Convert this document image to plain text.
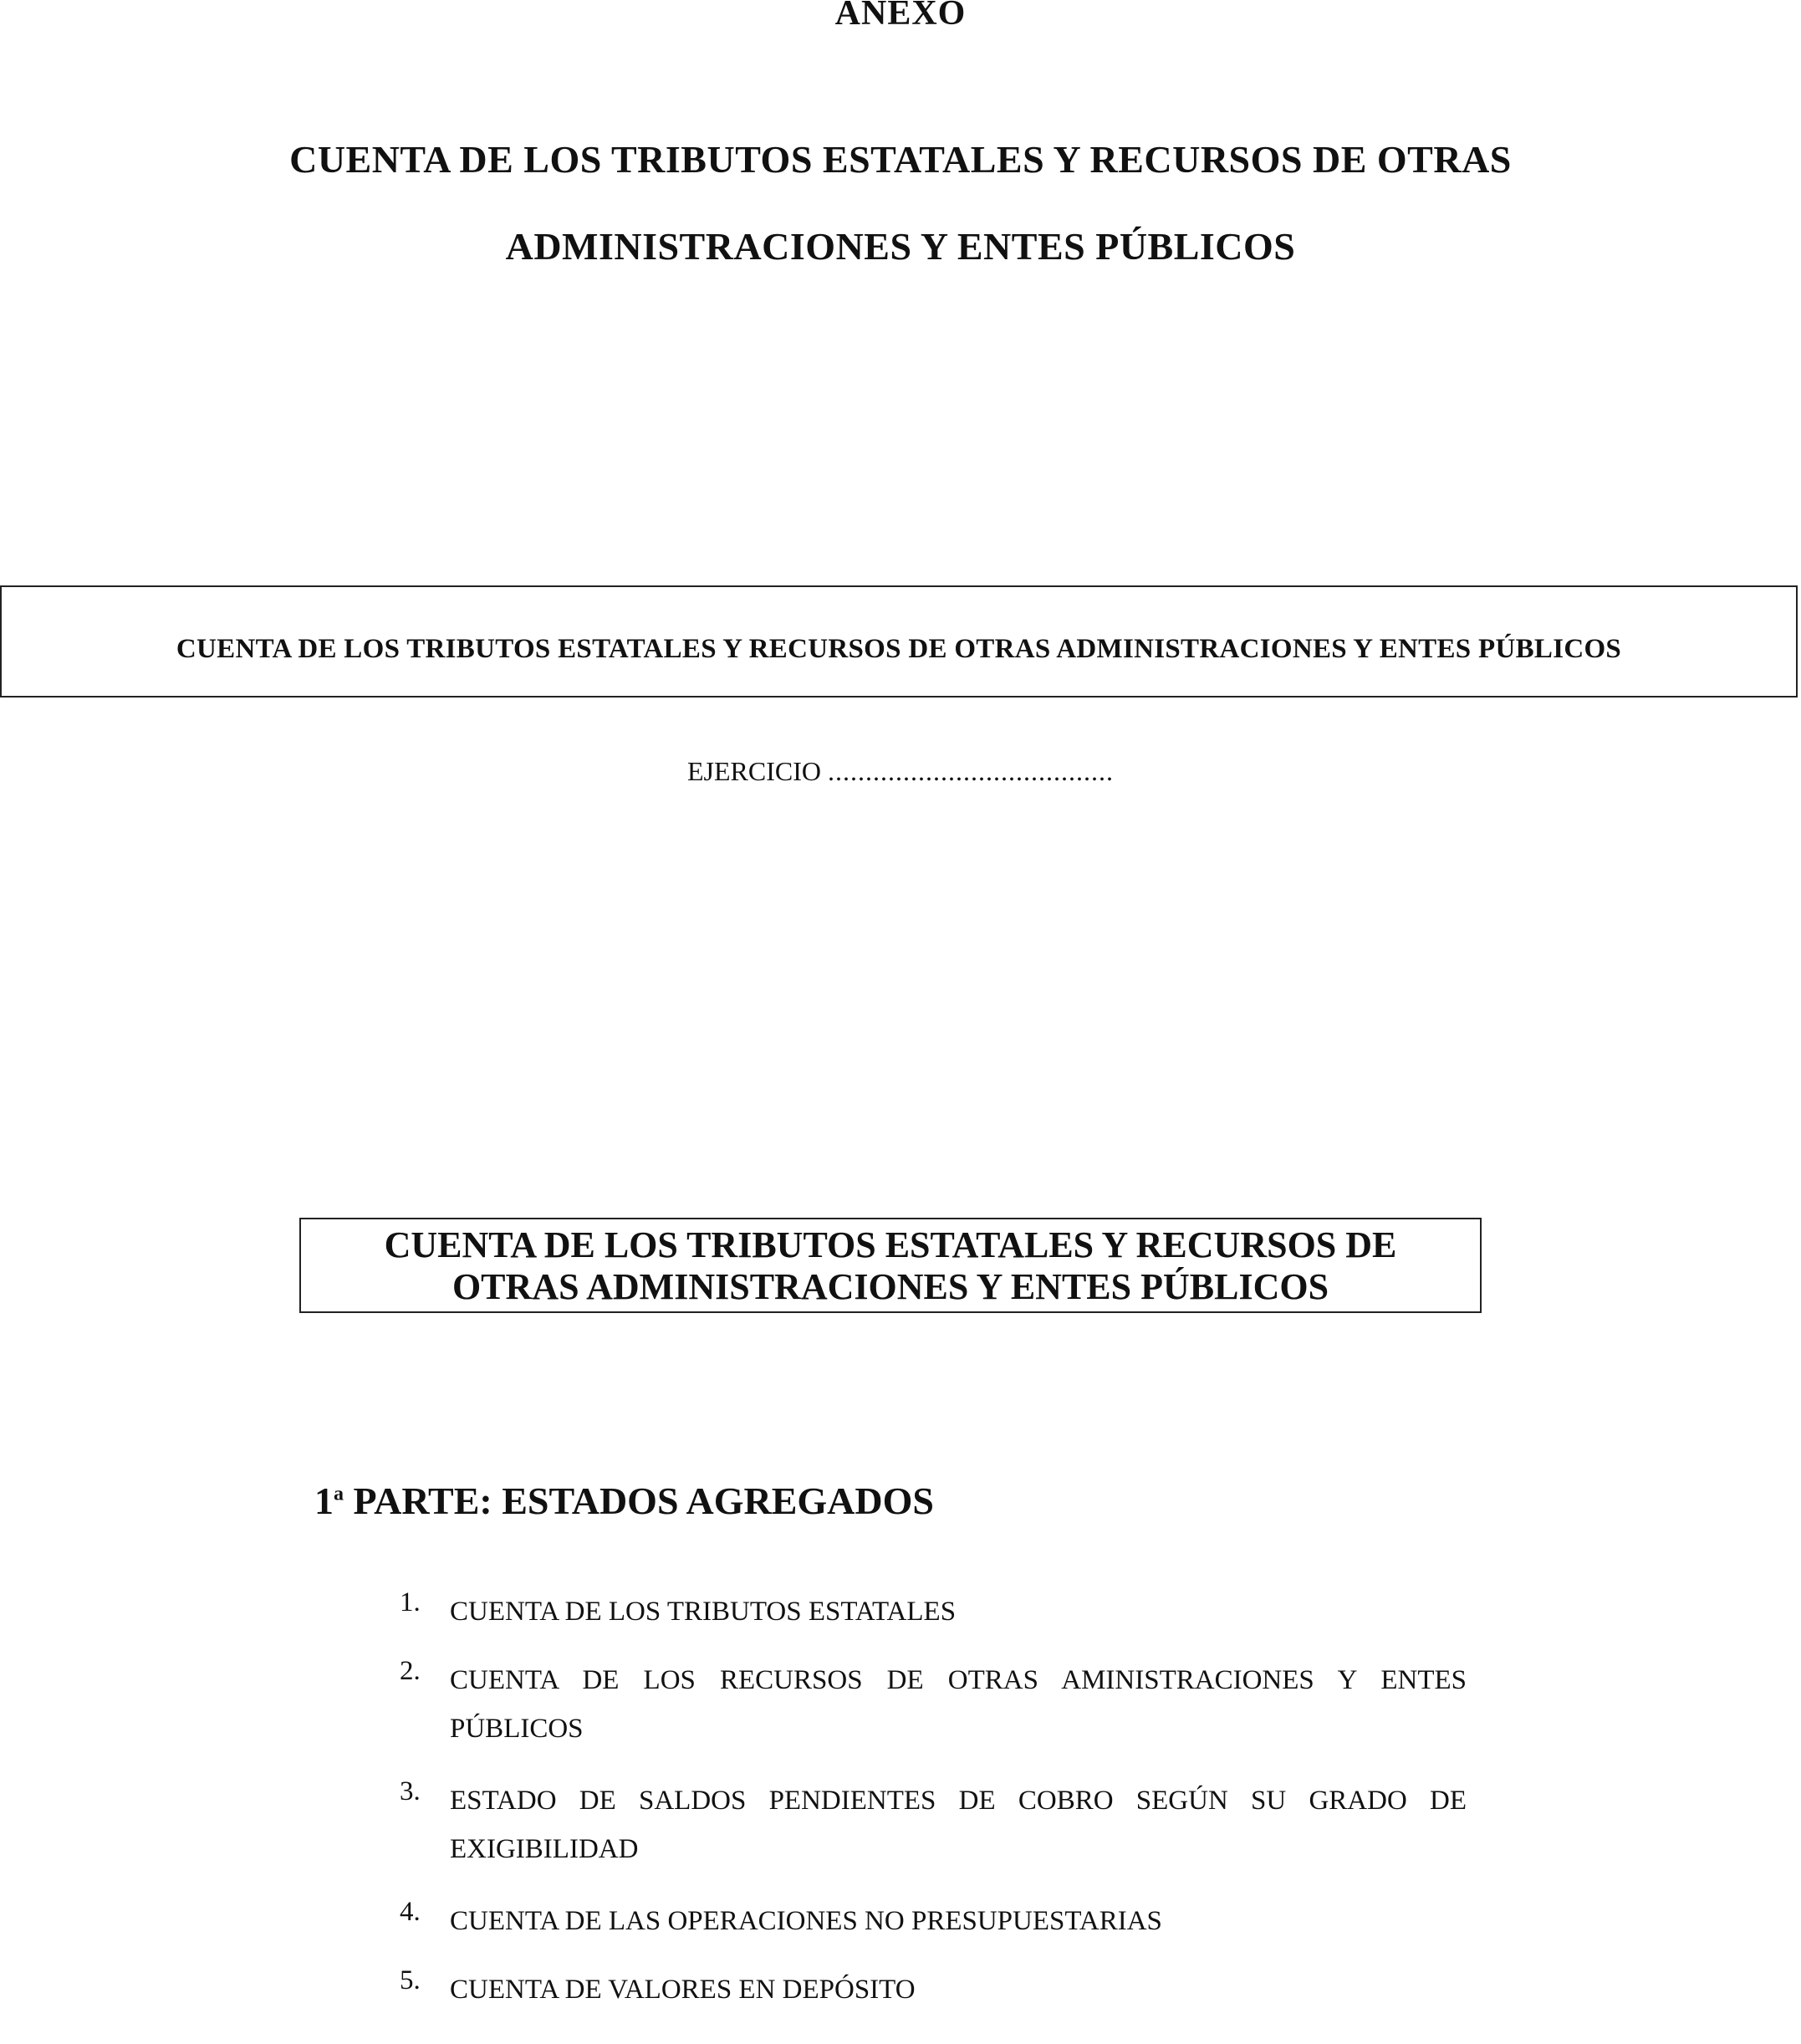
ANEXO
CUENTA DE LOS TRIBUTOS ESTATALES Y RECURSOS DE OTRAS
ADMINISTRACIONES Y ENTES PÚBLICOS
CUENTA DE LOS TRIBUTOS ESTATALES Y RECURSOS DE OTRAS ADMINISTRACIONES Y ENTES PÚBLICOS
EJERCICIO ......................................
CUENTA DE LOS TRIBUTOS ESTATALES Y RECURSOS DE
OTRAS ADMINISTRACIONES Y ENTES PÚBLICOS
1$^a$ PARTE: ESTADOS AGREGADOS
1.	CUENTA DE LOS TRIBUTOS ESTATALES
2.	CUENTA DE LOS RECURSOS DE OTRAS AMINISTRACIONES Y ENTES PÚBLICOS
3.	ESTADO DE SALDOS PENDIENTES DE COBRO SEGÚN SU GRADO DE EXIGIBILIDAD
4.	CUENTA DE LAS OPERACIONES NO PRESUPUESTARIAS
5.	CUENTA DE VALORES EN DEPÓSITO
